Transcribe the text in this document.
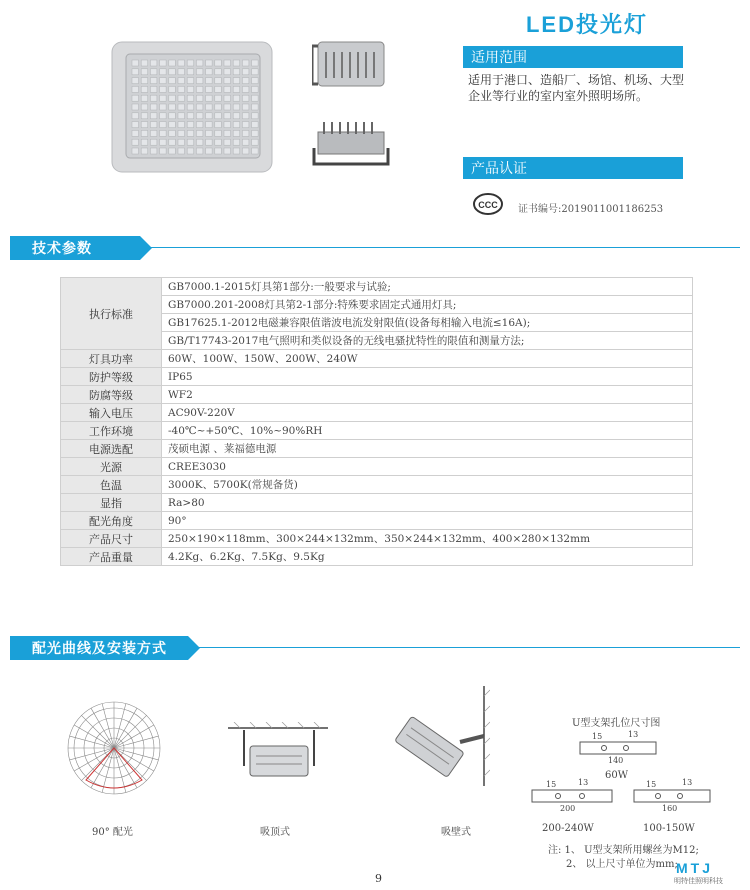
LED投光灯
适用范围
适用于港口、造船厂、场馆、机场、大型企业等行业的室内室外照明场所。
产品认证
CCC 证书编号:2019011001186253
技术参数
执行标准	GB7000.1-2015灯具第1部分:一般要求与试验;
	GB7000.201-2008灯具第2-1部分:特殊要求固定式通用灯具;
	GB17625.1-2012电磁兼容限值谐波电流发射限值(设备每相输入电流≤16A);
	GB/T17743-2017电气照明和类似设备的无线电骚扰特性的限值和测量方法;
灯具功率	60W、100W、150W、200W、240W
防护等级	IP65
防腐等级	WF2
输入电压	AC90V-220V
工作环境	-40℃~+50℃、10%~90%RH
电源选配	茂硕电源 、莱福德电源
光源	CREE3030
色温	3000K、5700K(常规备货)
显指	Ra>80
配光角度	90°
产品尺寸	250×190×118mm、300×244×132mm、350×244×132mm、400×280×132mm
产品重量	4.2Kg、6.2Kg、7.5Kg、9.5Kg
配光曲线及安装方式
90° 配光	吸顶式	吸壁式
U型支架孔位尺寸图
15	13
140
60W
15	13
200
15	13
160
200-240W	100-150W
注: 1、 U型支架所用螺丝为M12;
2、 以上尺寸单位为mm;
9
MTJ
明特佳照明科技
